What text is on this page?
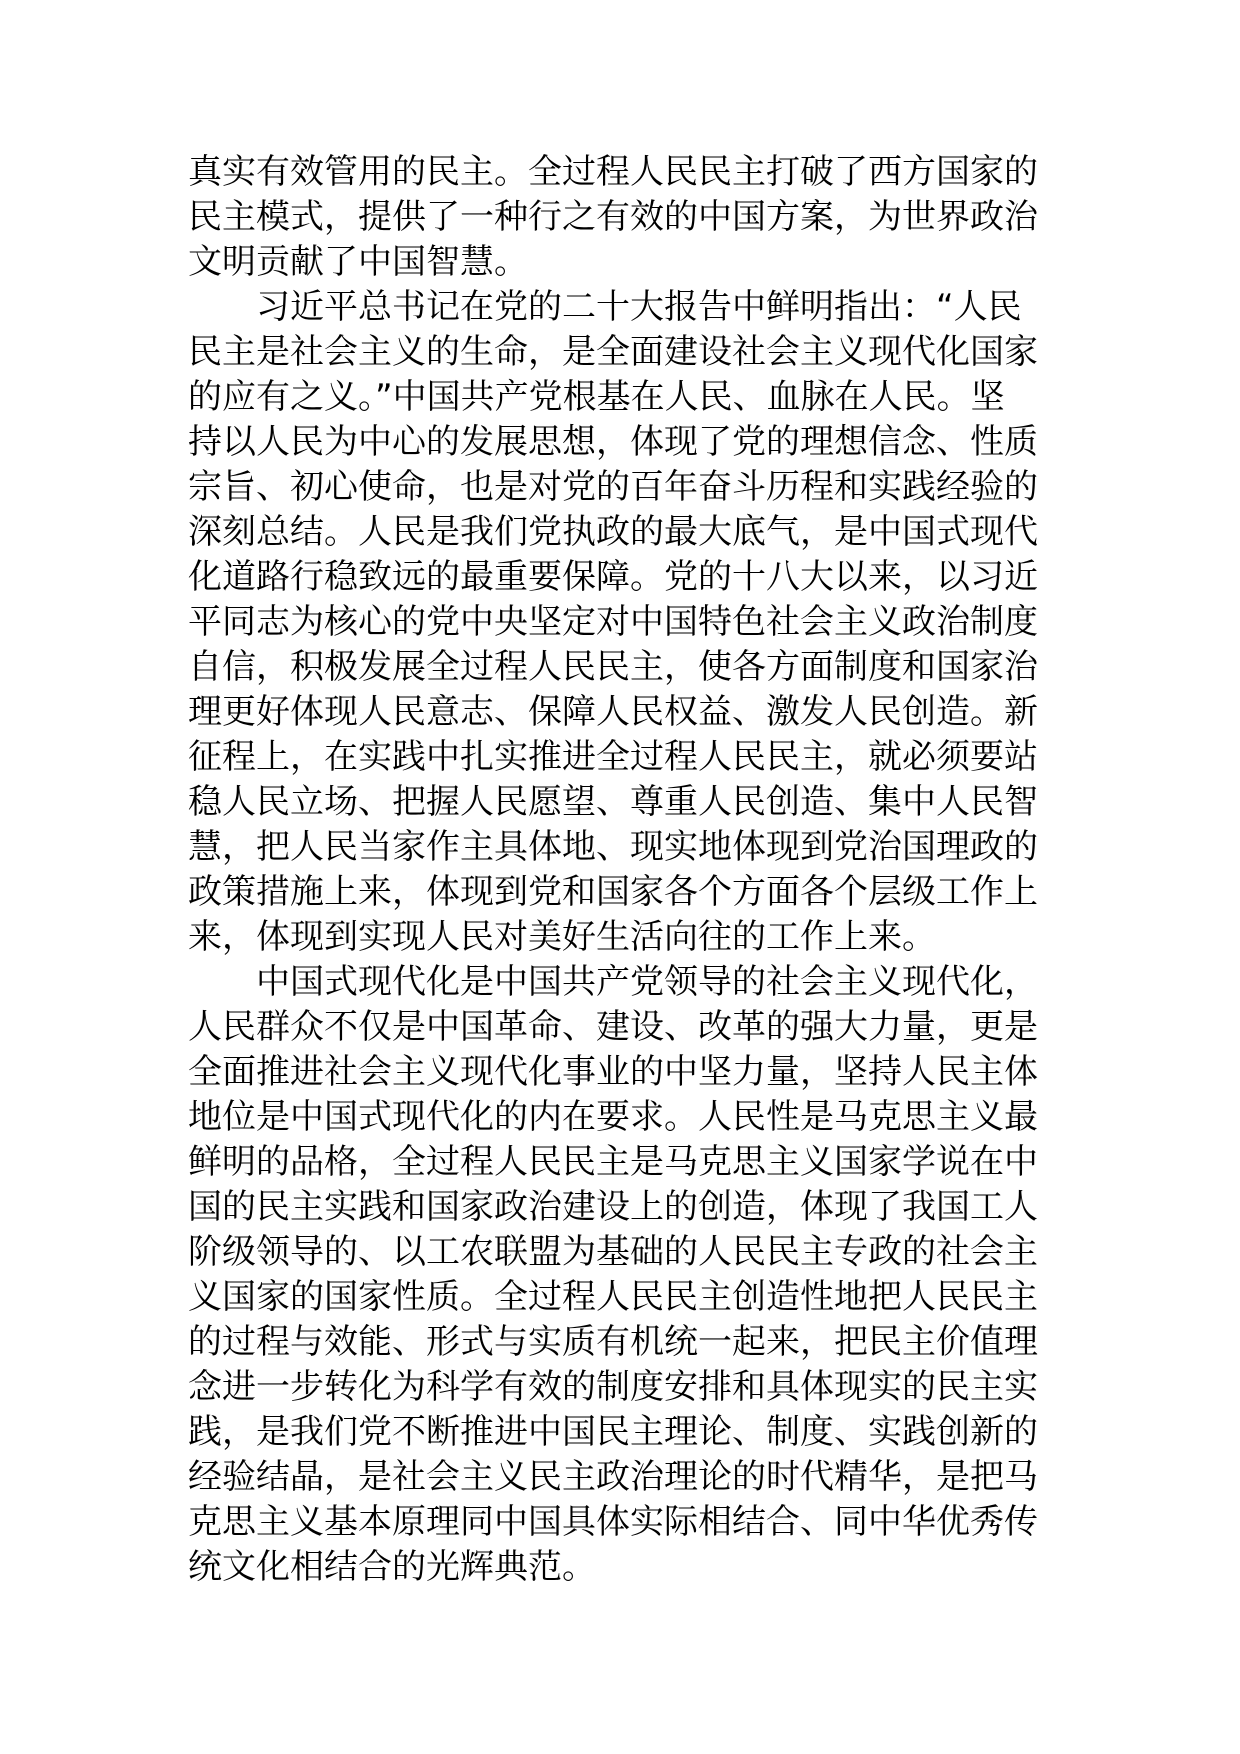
真实有效管用的民主。全过程人民民主打破了西方国家的
民主模式，提供了一种行之有效的中国方案，为世界政治
文明贡献了中国智慧。
　　习近平总书记在党的二十大报告中鲜明指出：“人民
民主是社会主义的生命，是全面建设社会主义现代化国家
的应有之义。”中国共产党根基在人民、血脉在人民。坚
持以人民为中心的发展思想，体现了党的理想信念、性质
宗旨、初心使命，也是对党的百年奋斗历程和实践经验的
深刻总结。人民是我们党执政的最大底气，是中国式现代
化道路行稳致远的最重要保障。党的十八大以来，以习近
平同志为核心的党中央坚定对中国特色社会主义政治制度
自信，积极发展全过程人民民主，使各方面制度和国家治
理更好体现人民意志、保障人民权益、激发人民创造。新
征程上，在实践中扎实推进全过程人民民主，就必须要站
稳人民立场、把握人民愿望、尊重人民创造、集中人民智
慧，把人民当家作主具体地、现实地体现到党治国理政的
政策措施上来，体现到党和国家各个方面各个层级工作上
来，体现到实现人民对美好生活向往的工作上来。
　　中国式现代化是中国共产党领导的社会主义现代化，
人民群众不仅是中国革命、建设、改革的强大力量，更是
全面推进社会主义现代化事业的中坚力量，坚持人民主体
地位是中国式现代化的内在要求。人民性是马克思主义最
鲜明的品格，全过程人民民主是马克思主义国家学说在中
国的民主实践和国家政治建设上的创造，体现了我国工人
阶级领导的、以工农联盟为基础的人民民主专政的社会主
义国家的国家性质。全过程人民民主创造性地把人民民主
的过程与效能、形式与实质有机统一起来，把民主价值理
念进一步转化为科学有效的制度安排和具体现实的民主实
践，是我们党不断推进中国民主理论、制度、实践创新的
经验结晶，是社会主义民主政治理论的时代精华，是把马
克思主义基本原理同中国具体实际相结合、同中华优秀传
统文化相结合的光辉典范。
